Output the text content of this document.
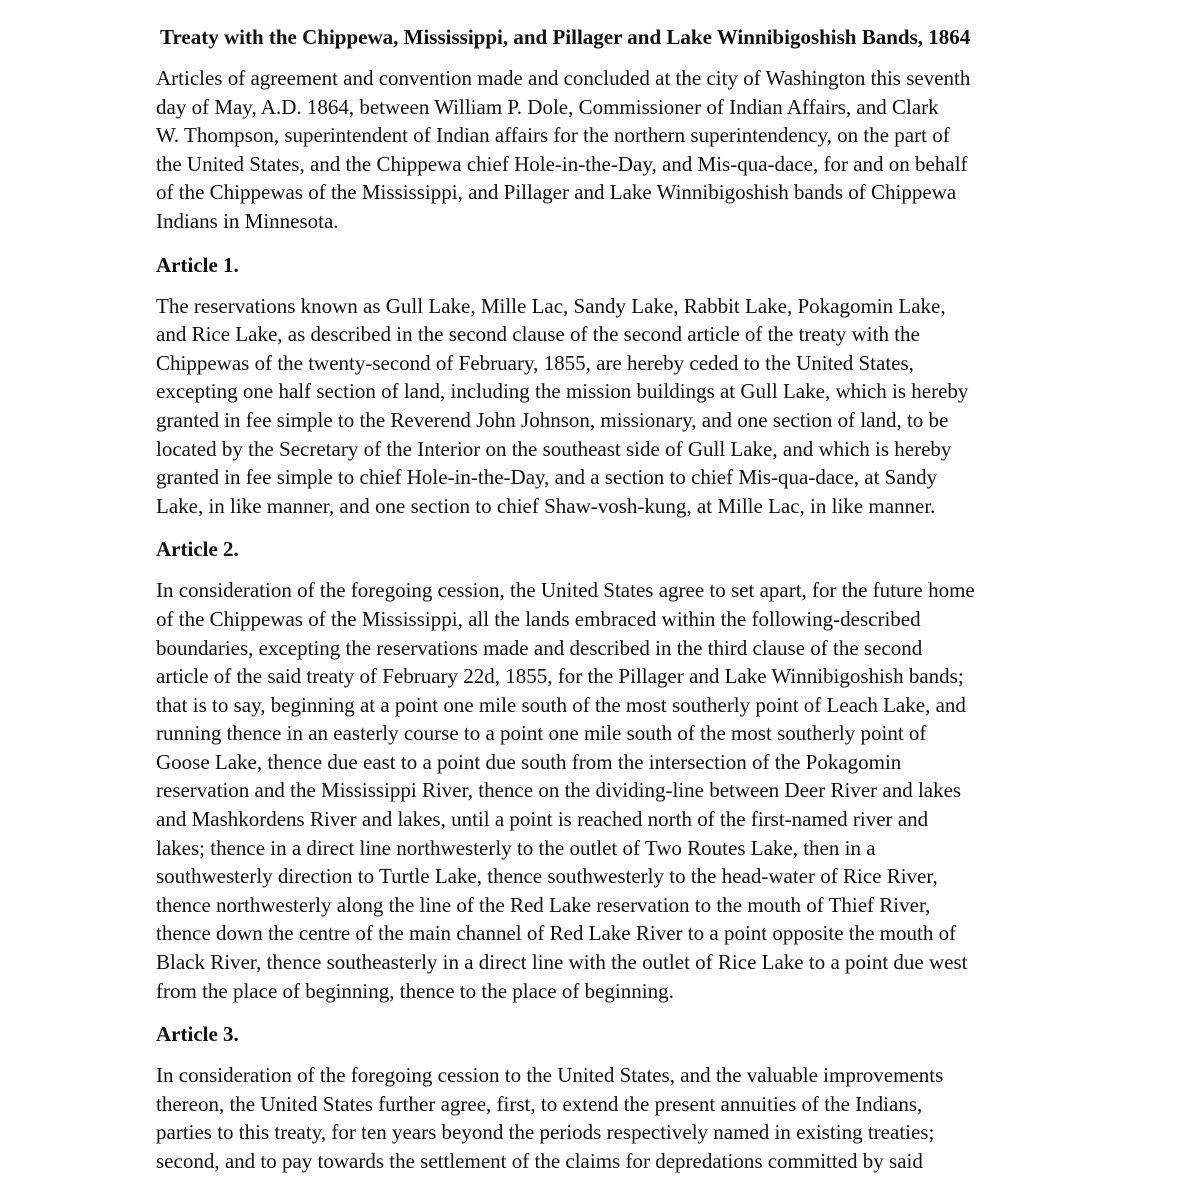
Treaty with the Chippewa, Mississippi, and Pillager and Lake Winnibigoshish Bands, 1864

Articles of agreement and convention made and concluded at the city of Washington this seventh
day of May, A.D. 1864, between William P. Dole, Commissioner of Indian Affairs, and Clark
W. Thompson, superintendent of Indian affairs for the northern superintendency, on the part of
the United States, and the Chippewa chief Hole-in-the-Day, and Mis-qua-dace, for and on behalf
of the Chippewas of the Mississippi, and Pillager and Lake Winnibigoshish bands of Chippewa
Indians in Minnesota.

Article 1.

The reservations known as Gull Lake, Mille Lac, Sandy Lake, Rabbit Lake, Pokagomin Lake,
and Rice Lake, as described in the second clause of the second article of the treaty with the
Chippewas of the twenty-second of February, 1855, are hereby ceded to the United States,
excepting one half section of land, including the mission buildings at Gull Lake, which is hereby
granted in fee simple to the Reverend John Johnson, missionary, and one section of land, to be
located by the Secretary of the Interior on the southeast side of Gull Lake, and which is hereby
granted in fee simple to chief Hole-in-the-Day, and a section to chief Mis-qua-dace, at Sandy
Lake, in like manner, and one section to chief Shaw-vosh-kung, at Mille Lac, in like manner.

Article 2.

In consideration of the foregoing cession, the United States agree to set apart, for the future home
of the Chippewas of the Mississippi, all the lands embraced within the following-described
boundaries, excepting the reservations made and described in the third clause of the second
article of the said treaty of February 22d, 1855, for the Pillager and Lake Winnibigoshish bands;
that is to say, beginning at a point one mile south of the most southerly point of Leach Lake, and
running thence in an easterly course to a point one mile south of the most southerly point of
Goose Lake, thence due east to a point due south from the intersection of the Pokagomin
reservation and the Mississippi River, thence on the dividing-line between Deer River and lakes
and Mashkordens River and lakes, until a point is reached north of the first-named river and
lakes; thence in a direct line northwesterly to the outlet of Two Routes Lake, then in a
southwesterly direction to Turtle Lake, thence southwesterly to the head-water of Rice River,
thence northwesterly along the line of the Red Lake reservation to the mouth of Thief River,
thence down the centre of the main channel of Red Lake River to a point opposite the mouth of
Black River, thence southeasterly in a direct line with the outlet of Rice Lake to a point due west
from the place of beginning, thence to the place of beginning.

Article 3.

In consideration of the foregoing cession to the United States, and the valuable improvements
thereon, the United States further agree, first, to extend the present annuities of the Indians,
parties to this treaty, for ten years beyond the periods respectively named in existing treaties;
second, and to pay towards the settlement of the claims for depredations committed by said
